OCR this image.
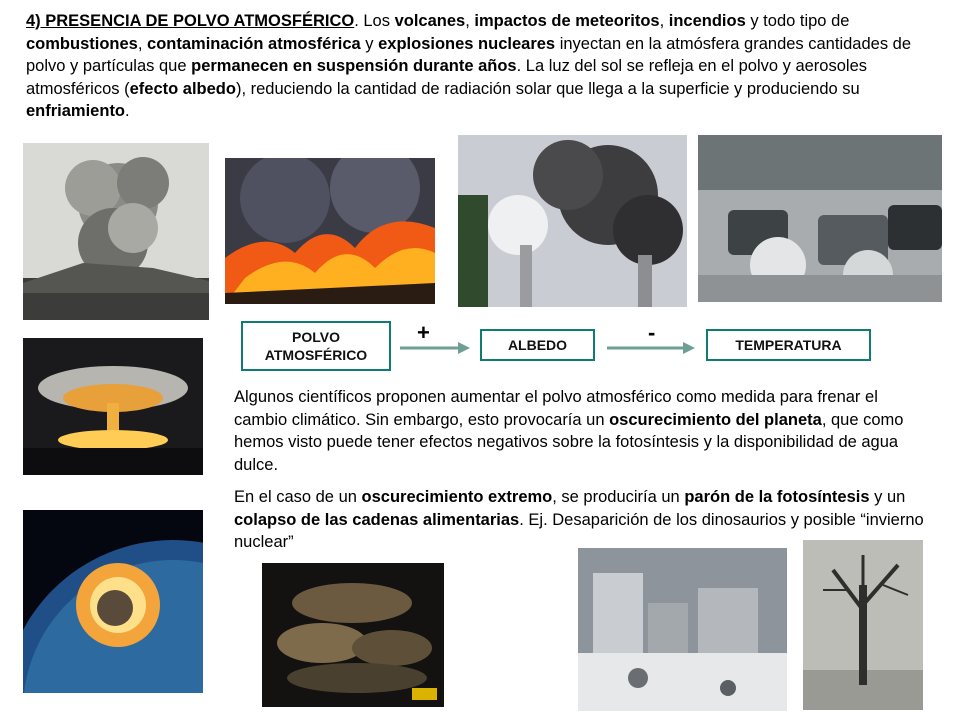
4) PRESENCIA DE POLVO ATMOSFÉRICO. Los volcanes, impactos de meteoritos, incendios y todo tipo de combustiones, contaminación atmosférica y explosiones nucleares inyectan en la atmósfera grandes cantidades de polvo y partículas que permanecen en suspensión durante años. La luz del sol se refleja en el polvo y aerosoles atmosféricos (efecto albedo), reduciendo la cantidad de radiación solar que llega a la superficie y produciendo su enfriamiento.

POLVO ATMOSFÉRICO
+	ALBEDO	-	TEMPERATURA

Algunos científicos proponen aumentar el polvo atmosférico como medida para frenar el cambio climático. Sin embargo, esto provocaría un oscurecimiento del planeta, que como hemos visto puede tener efectos negativos sobre la fotosíntesis y la disponibilidad de agua dulce.

En el caso de un oscurecimiento extremo, se produciría un parón de la fotosíntesis y un colapso de las cadenas alimentarias. Ej. Desaparición de los dinosaurios y posible “invierno nuclear”
